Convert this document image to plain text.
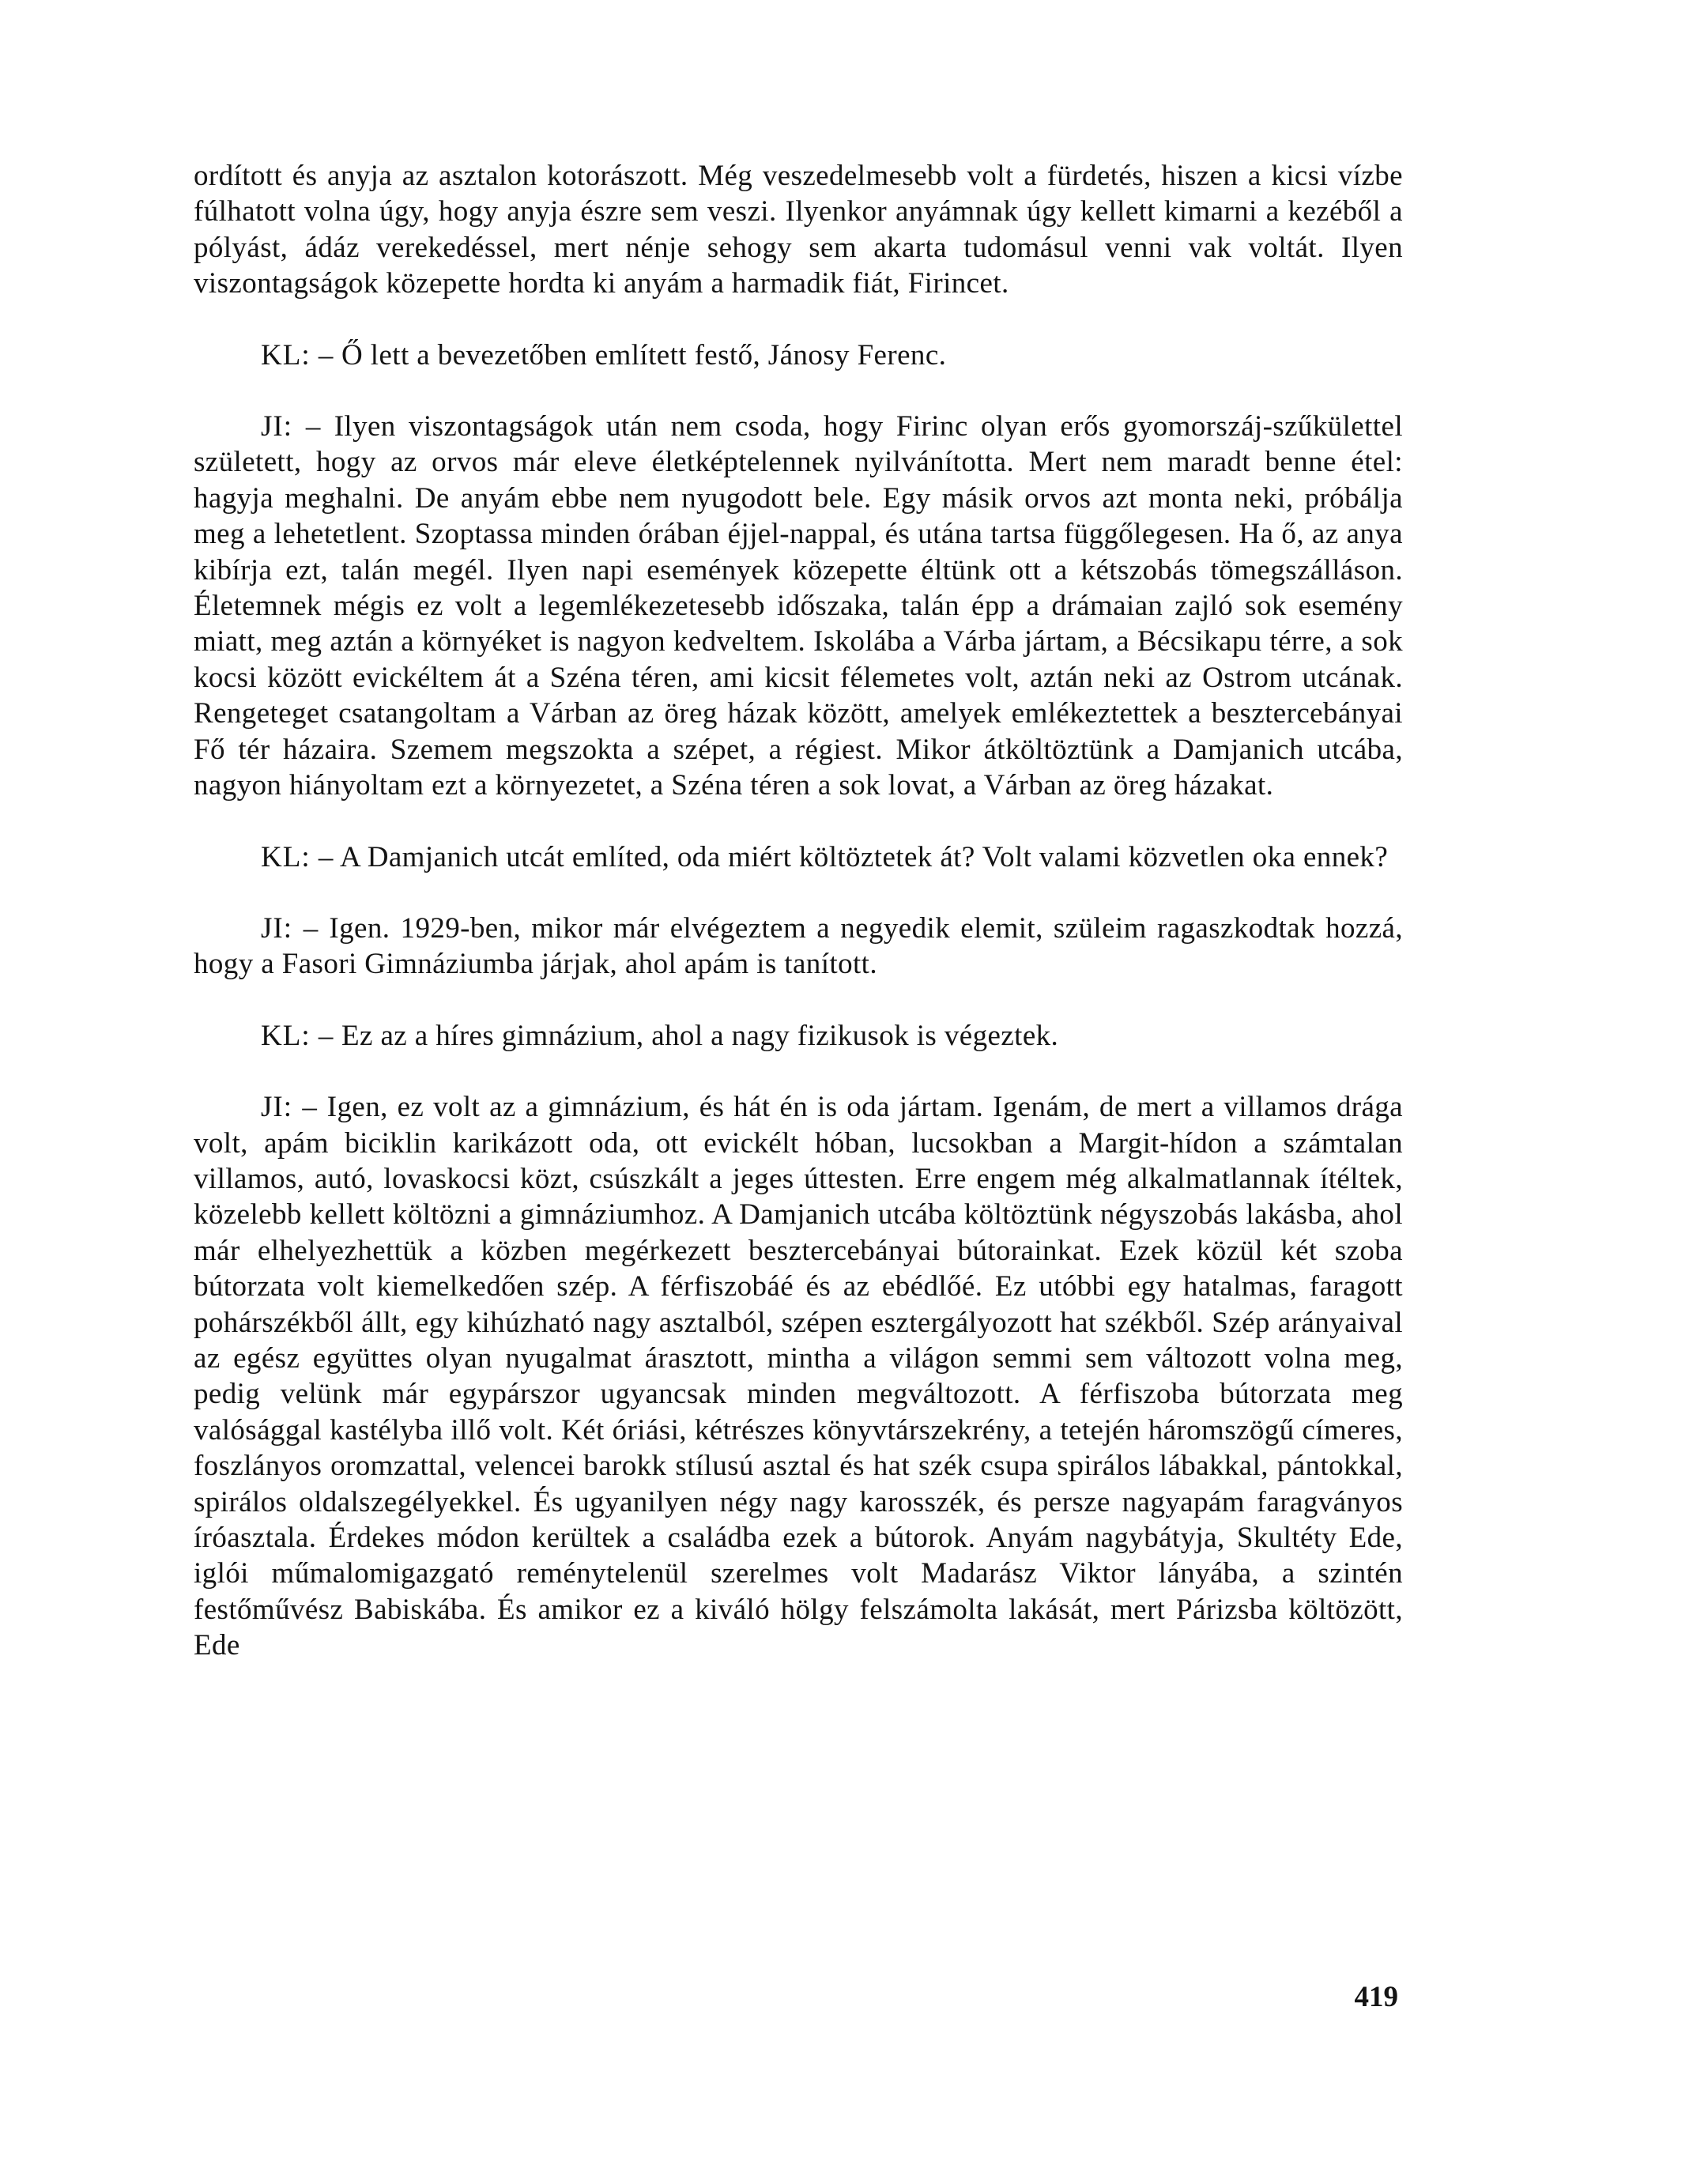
ordított és anyja az asztalon kotorászott. Még veszedelmesebb volt a fürdetés, hiszen a kicsi vízbe fúlhatott volna úgy, hogy anyja észre sem veszi. Ilyenkor anyámnak úgy kellett kimarni a kezéből a pólyást, ádáz verekedéssel, mert nénje sehogy sem akarta tudomásul venni vak voltát. Ilyen viszontagságok közepette hordta ki anyám a harmadik fiát, Firincet.

KL: – Ő lett a bevezetőben említett festő, Jánosy Ferenc.

JI: – Ilyen viszontagságok után nem csoda, hogy Firinc olyan erős gyomorszáj-szűkülettel született, hogy az orvos már eleve életképtelennek nyilvánította. Mert nem maradt benne étel: hagyja meghalni. De anyám ebbe nem nyugodott bele. Egy másik orvos azt monta neki, próbálja meg a lehetetlent. Szoptassa minden órában éjjel-nappal, és utána tartsa függőlegesen. Ha ő, az anya kibírja ezt, talán megél. Ilyen napi események közepette éltünk ott a kétszobás tömegszálláson. Életemnek mégis ez volt a legemlékezetesebb időszaka, talán épp a drámaian zajló sok esemény miatt, meg aztán a környéket is nagyon kedveltem. Iskolába a Várba jártam, a Bécsikapu térre, a sok kocsi között evickéltem át a Széna téren, ami kicsit félemetes volt, aztán neki az Ostrom utcának. Rengeteget csatangoltam a Várban az öreg házak között, amelyek emlékeztettek a besztercebányai Fő tér házaira. Szemem megszokta a szépet, a régiest. Mikor átköltöztünk a Damjanich utcába, nagyon hiányoltam ezt a környezetet, a Széna téren a sok lovat, a Várban az öreg házakat.

KL: – A Damjanich utcát említed, oda miért költöztetek át? Volt valami közvetlen oka ennek?

JI: – Igen. 1929-ben, mikor már elvégeztem a negyedik elemit, szüleim ragaszkodtak hozzá, hogy a Fasori Gimnáziumba járjak, ahol apám is tanított.

KL: – Ez az a híres gimnázium, ahol a nagy fizikusok is végeztek.

JI: – Igen, ez volt az a gimnázium, és hát én is oda jártam. Igenám, de mert a villamos drága volt, apám biciklin karikázott oda, ott evickélt hóban, lucsokban a Margit-hídon a számtalan villamos, autó, lovaskocsi közt, csúszkált a jeges úttesten. Erre engem még alkalmatlannak ítéltek, közelebb kellett költözni a gimnáziumhoz. A Damjanich utcába költöztünk négyszobás lakásba, ahol már elhelyezhettük a közben megérkezett besztercebányai bútorainkat. Ezek közül két szoba bútorzata volt kiemelkedően szép. A férfiszobáé és az ebédlőé. Ez utóbbi egy hatalmas, faragott pohárszékből állt, egy kihúzható nagy asztalból, szépen esztergályozott hat székből. Szép arányaival az egész együttes olyan nyugalmat árasztott, mintha a világon semmi sem változott volna meg, pedig velünk már egypárszor ugyancsak minden megváltozott. A férfiszoba bútorzata meg valósággal kastélyba illő volt. Két óriási, kétrészes könyvtárszekrény, a tetején háromszögű címeres, foszlányos oromzattal, velencei barokk stílusú asztal és hat szék csupa spirálos lábakkal, pántokkal, spirálos oldalszegélyekkel. És ugyanilyen négy nagy karosszék, és persze nagyapám faragványos íróasztala. Érdekes módon kerültek a családba ezek a bútorok. Anyám nagybátyja, Skultéty Ede, iglói műmalomigazgató reménytelenül szerelmes volt Madarász Viktor lányába, a szintén festőművész Babiskába. És amikor ez a kiváló hölgy felszámolta lakását, mert Párizsba költözött, Ede

419
